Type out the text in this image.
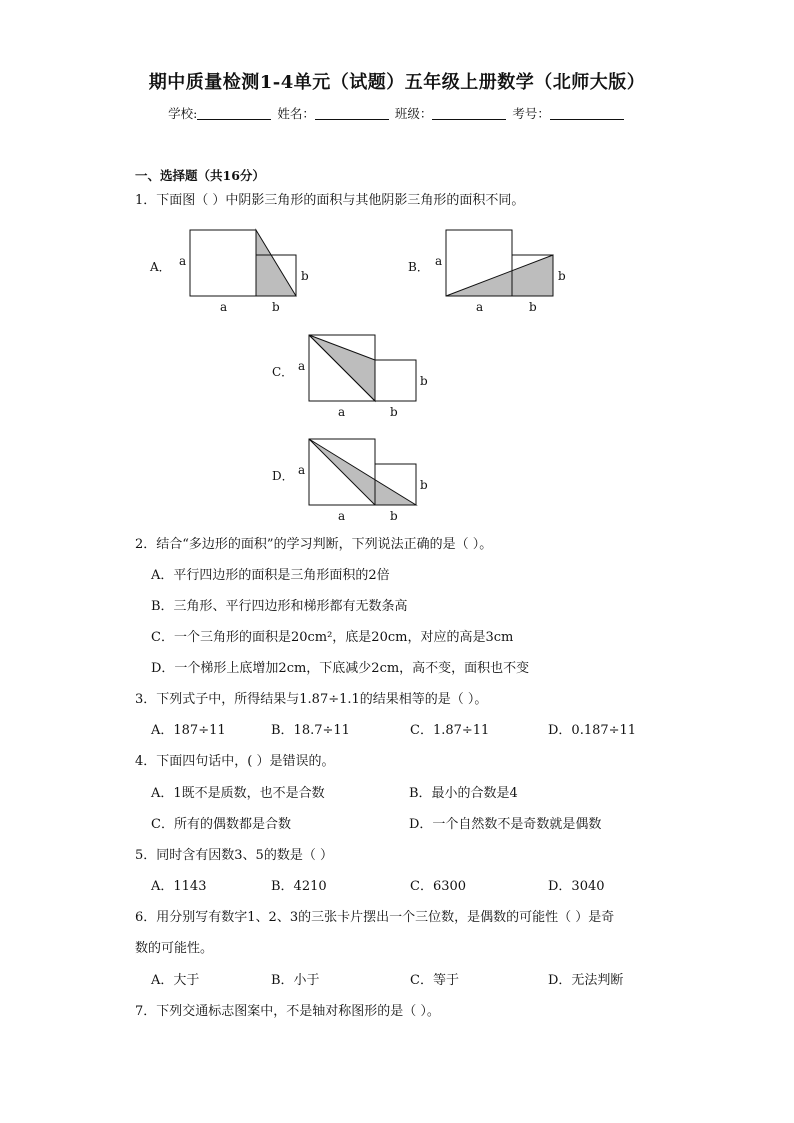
期中质量检测1-4单元（试题）五年级上册数学（北师大版）
学校:	姓名：	班级：	考号：
一、选择题（共16分）
1．下面图（ ）中阴影三角形的面积与其他阴影三角形的面积不同。
A． a
a	b
b
B． a
a	b
b
C． a
a	b
b
D． a
a	b
b
2．结合“多边形的面积”的学习判断，下列说法正确的是（ ）。
A．平行四边形的面积是三角形面积的2倍
B．三角形、平行四边形和梯形都有无数条高
C．一个三角形的面积是20cm²，底是20cm，对应的高是3cm
D．一个梯形上底增加2cm，下底减少2cm，高不变，面积也不变
3．下列式子中，所得结果与1.87÷1.1的结果相等的是（ ）。
A．187÷11	B．18.7÷11	C．1.87÷11	D．0.187÷11
4．下面四句话中，( ）是错误的。
A．1既不是质数，也不是合数	B．最小的合数是4
C．所有的偶数都是合数	D．一个自然数不是奇数就是偶数
5．同时含有因数3、5的数是（ ）
A．1143	B．4210	C．6300	D．3040
6．用分别写有数字1、2、3的三张卡片摆出一个三位数，是偶数的可能性（ ）是奇
数的可能性。
A．大于	B．小于	C．等于	D．无法判断
7．下列交通标志图案中，不是轴对称图形的是（ ）。
